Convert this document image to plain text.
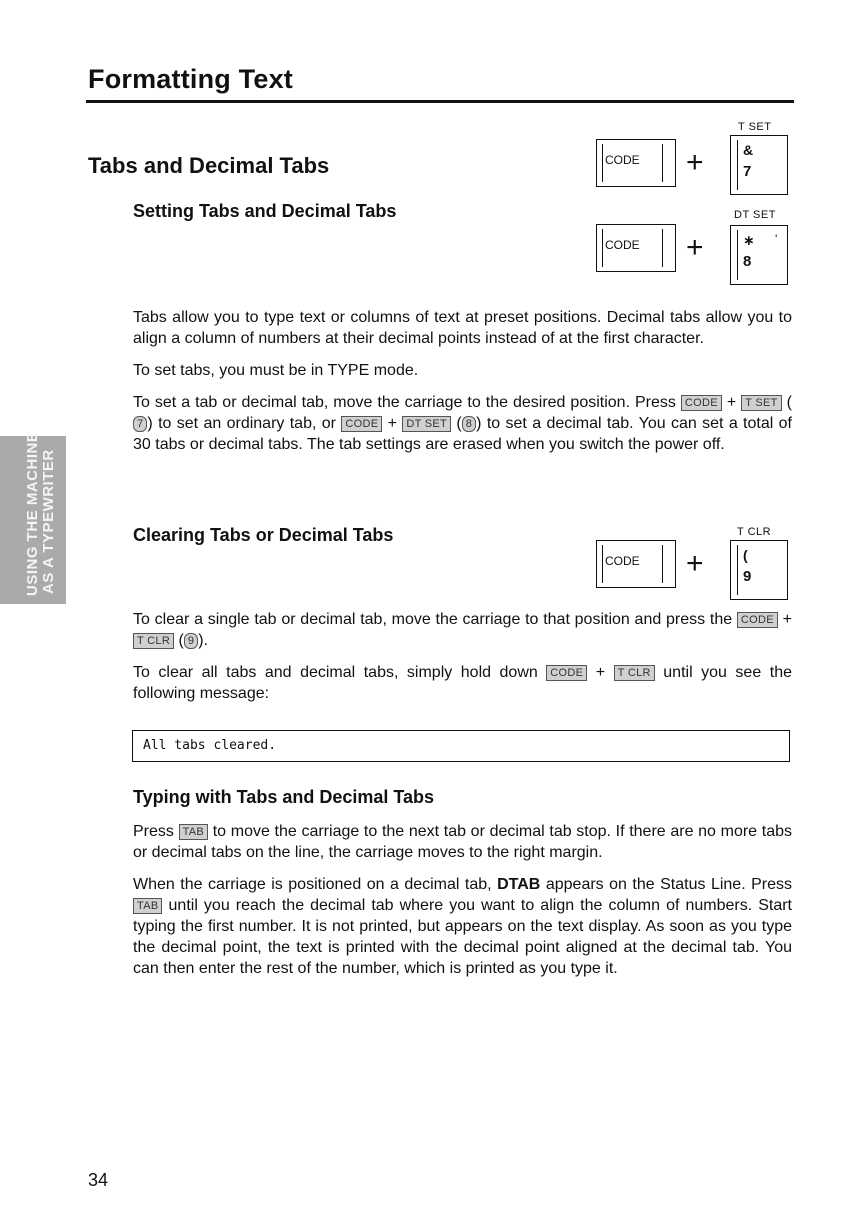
Formatting Text
USING THE MACHINE AS A TYPEWRITER
Tabs and Decimal Tabs
Setting Tabs and Decimal Tabs
T SET
CODE +	&
7
DT SET
CODE +	∗ '
8

Tabs allow you to type text or columns of text at preset positions. Decimal tabs allow you to align a column of numbers at their decimal points instead of at the first character.

To set tabs, you must be in TYPE mode.

To set a tab or decimal tab, move the carriage to the desired position. Press CODE + T SET (7 ) to set an ordinary tab, or CODE + DT SET ( 8 ) to set a decimal tab. You can set a total of 30 tabs or decimal tabs. The tab settings are erased when you switch the power off.

Clearing Tabs or Decimal Tabs	T CLR
CODE +	(
9

To clear a single tab or decimal tab, move the carriage to that position and press the CODE + T CLR ( 9 ).

To clear all tabs and decimal tabs, simply hold down CODE + T CLR until you see the following message:

All tabs cleared.
Typing with Tabs and Decimal Tabs

Press TAB to move the carriage to the next tab or decimal tab stop. If there are no more tabs or decimal tabs on the line, the carriage moves to the right margin.

When the carriage is positioned on a decimal tab, DTAB appears on the Status Line. Press TAB until you reach the decimal tab where you want to align the column of numbers. Start typing the first number. It is not printed, but appears on the text display. As soon as you type the decimal point, the text is printed with the decimal point aligned at the decimal tab. You can then enter the rest of the number, which is printed as you type it.

34
